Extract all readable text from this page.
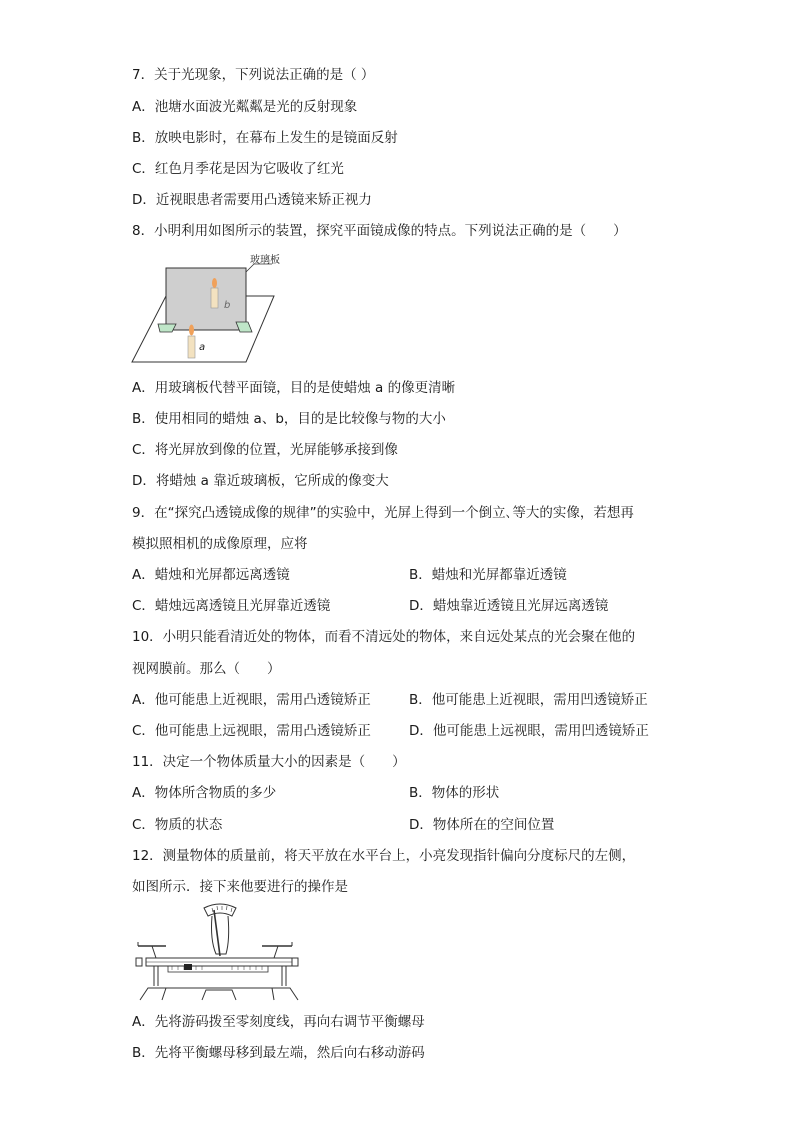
7．关于光现象，下列说法正确的是（ ）
A．池塘水面波光粼粼是光的反射现象
B．放映电影时，在幕布上发生的是镜面反射
C．红色月季花是因为它吸收了红光
D．近视眼患者需要用凸透镜来矫正视力
8．小明利用如图所示的装置，探究平面镜成像的特点。下列说法正确的是（　　）
玻璃板
b
a
A．用玻璃板代替平面镜，目的是使蜡烛 a 的像更清晰
B．使用相同的蜡烛 a、b，目的是比较像与物的大小
C．将光屏放到像的位置，光屏能够承接到像
D．将蜡烛 a 靠近玻璃板，它所成的像变大
9．在“探究凸透镜成像的规律”的实验中，光屏上得到一个倒立､等大的实像，若想再
模拟照相机的成像原理，应将
A．蜡烛和光屏都远离透镜	B．蜡烛和光屏都靠近透镜
C．蜡烛远离透镜且光屏靠近透镜	D．蜡烛靠近透镜且光屏远离透镜
10．小明只能看清近处的物体，而看不清远处的物体，来自远处某点的光会聚在他的
视网膜前。那么（　　）
A．他可能患上近视眼，需用凸透镜矫正	B．他可能患上近视眼，需用凹透镜矫正
C．他可能患上远视眼，需用凸透镜矫正	D．他可能患上远视眼，需用凹透镜矫正
11．决定一个物体质量大小的因素是（　　）
A．物体所含物质的多少	B．物体的形状
C．物质的状态	D．物体所在的空间位置
12．测量物体的质量前，将天平放在水平台上，小亮发现指针偏向分度标尺的左侧，
如图所示．接下来他要进行的操作是
A．先将游码拨至零刻度线，再向右调节平衡螺母
B．先将平衡螺母移到最左端，然后向右移动游码
